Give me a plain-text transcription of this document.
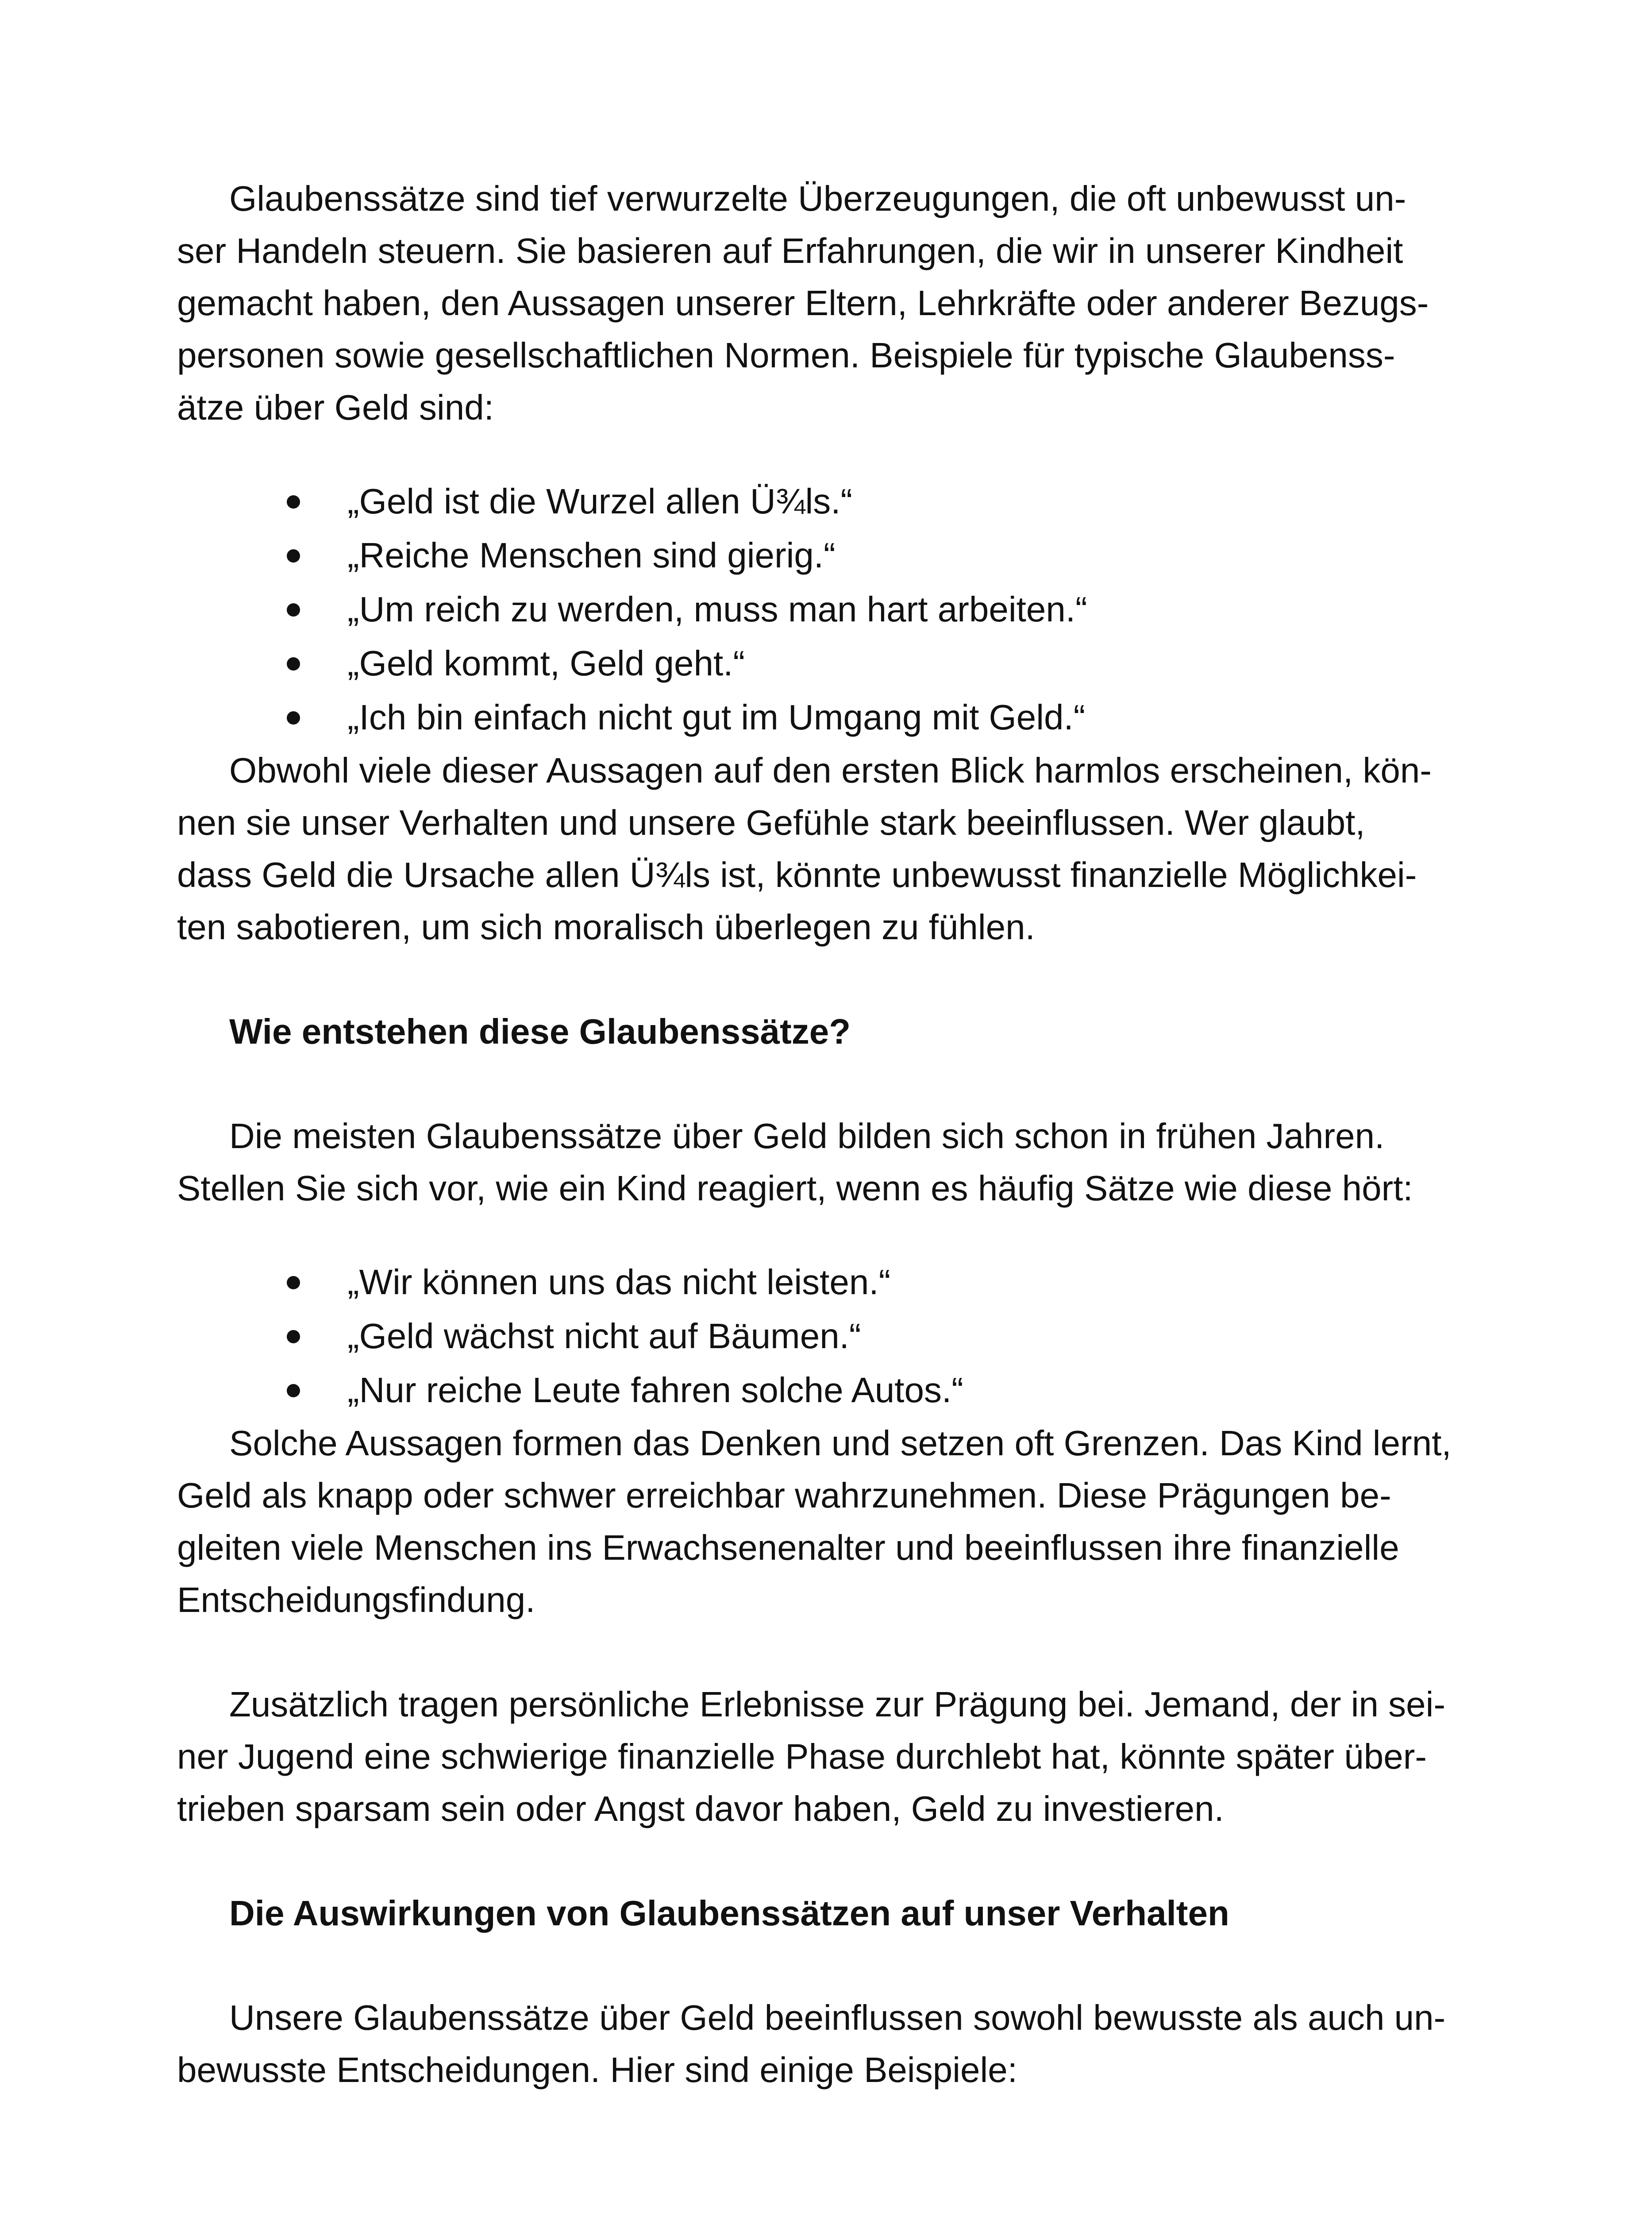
Glaubenssätze sind tief verwurzelte Überzeugungen, die oft unbewusst un-
ser Handeln steuern. Sie basieren auf Erfahrungen, die wir in unserer Kindheit
gemacht haben, den Aussagen unserer Eltern, Lehrkräfte oder anderer Bezugs-
personen sowie gesellschaftlichen Normen. Beispiele für typische Glaubenss-
ätze über Geld sind:

„Geld ist die Wurzel allen Ü¾ls.“
„Reiche Menschen sind gierig.“
„Um reich zu werden, muss man hart arbeiten.“
„Geld kommt, Geld geht.“
„Ich bin einfach nicht gut im Umgang mit Geld.“

Obwohl viele dieser Aussagen auf den ersten Blick harmlos erscheinen, kön-
nen sie unser Verhalten und unsere Gefühle stark beeinflussen. Wer glaubt,
dass Geld die Ursache allen Ü¾ls ist, könnte unbewusst finanzielle Möglichkei-
ten sabotieren, um sich moralisch überlegen zu fühlen.

Wie entstehen diese Glaubenssätze?

Die meisten Glaubenssätze über Geld bilden sich schon in frühen Jahren.
Stellen Sie sich vor, wie ein Kind reagiert, wenn es häufig Sätze wie diese hört:

„Wir können uns das nicht leisten.“
„Geld wächst nicht auf Bäumen.“
„Nur reiche Leute fahren solche Autos.“

Solche Aussagen formen das Denken und setzen oft Grenzen. Das Kind lernt,
Geld als knapp oder schwer erreichbar wahrzunehmen. Diese Prägungen be-
gleiten viele Menschen ins Erwachsenenalter und beeinflussen ihre finanzielle
Entscheidungsfindung.

Zusätzlich tragen persönliche Erlebnisse zur Prägung bei. Jemand, der in sei-
ner Jugend eine schwierige finanzielle Phase durchlebt hat, könnte später über-
trieben sparsam sein oder Angst davor haben, Geld zu investieren.

Die Auswirkungen von Glaubenssätzen auf unser Verhalten

Unsere Glaubenssätze über Geld beeinflussen sowohl bewusste als auch un-
bewusste Entscheidungen. Hier sind einige Beispiele:
